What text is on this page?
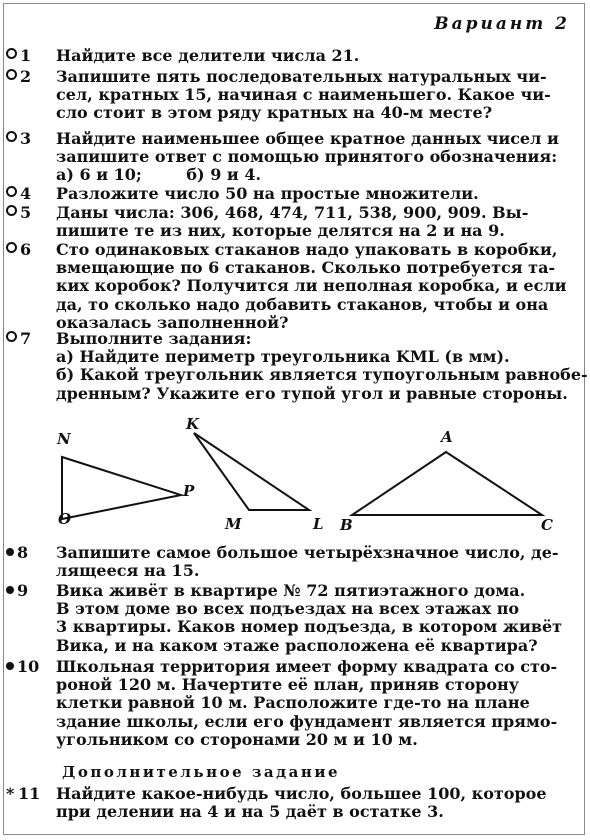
Вариант 2
1	Найдите все делители числа 21.
2	Запишите пять последовательных натуральных чи-
сел, кратных 15, начиная с наименьшего. Какое чи-
сло стоит в этом ряду кратных на 40-м месте?
3	Найдите наименьшее общее кратное данных чисел и
запишите ответ с помощью принятого обозначения:
а) 6 и 10;        б) 9 и 4.
4	Разложите число 50 на простые множители.
5	Даны числа: 306, 468, 474, 711, 538, 900, 909. Вы-
пишите те из них, которые делятся на 2 и на 9.
6	Сто одинаковых стаканов надо упаковать в коробки,
вмещающие по 6 стаканов. Сколько потребуется та-
ких коробок? Получится ли неполная коробка, и если
да, то сколько надо добавить стаканов, чтобы и она
оказалась заполненной?
7	Выполните задания:
а) Найдите периметр треугольника KML (в мм).
б) Какой треугольник является тупоугольным равнобе-
дренным? Укажите его тупой угол и равные стороны.
8	Запишите самое большое четырёхзначное число, де-
лящееся на 15.
9	Вика живёт в квартире № 72 пятиэтажного дома.
В этом доме во всех подъездах на всех этажах по
3 квартиры. Каков номер подъезда, в котором живёт
Вика, и на каком этаже расположена её квартира?
10	Школьная территория имеет форму квадрата со сто-
роной 120 м. Начертите её план, приняв сторону
клетки равной 10 м. Расположите где-то на плане
здание школы, если его фундамент является прямо-
угольником со сторонами 20 м и 10 м.
* 11 Найдите какое-нибудь число, большее 100, которое
при делении на 4 и на 5 даёт в остатке 3.
Дополнительное задание
N
O
P
K
M	L
A
B	C
